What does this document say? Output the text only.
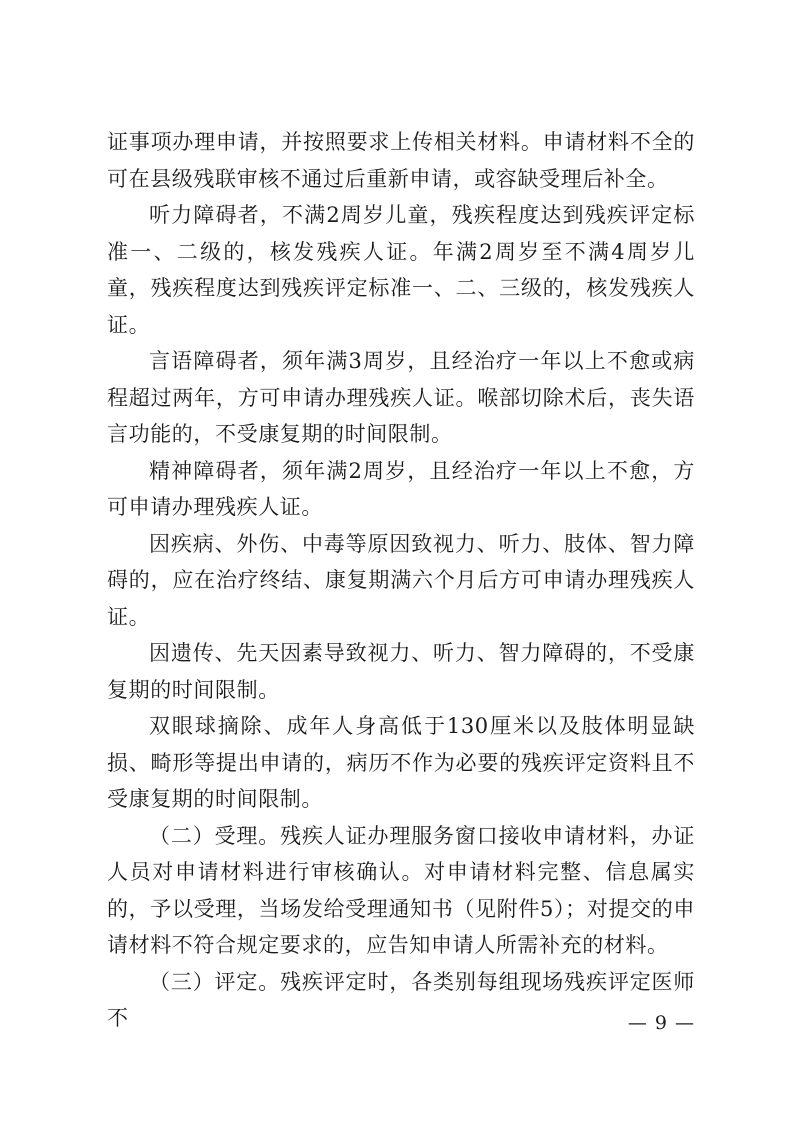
证事项办理申请，并按照要求上传相关材料。申请材料不全的可在县级残联审核不通过后重新申请，或容缺受理后补全。

听力障碍者，不满2周岁儿童，残疾程度达到残疾评定标准一、二级的，核发残疾人证。年满2周岁至不满4周岁儿童，残疾程度达到残疾评定标准一、二、三级的，核发残疾人证。

言语障碍者，须年满3周岁，且经治疗一年以上不愈或病程超过两年，方可申请办理残疾人证。喉部切除术后，丧失语言功能的，不受康复期的时间限制。

精神障碍者，须年满2周岁，且经治疗一年以上不愈，方可申请办理残疾人证。

因疾病、外伤、中毒等原因致视力、听力、肢体、智力障碍的，应在治疗终结、康复期满六个月后方可申请办理残疾人证。

因遗传、先天因素导致视力、听力、智力障碍的，不受康复期的时间限制。

双眼球摘除、成年人身高低于130厘米以及肢体明显缺损、畸形等提出申请的，病历不作为必要的残疾评定资料且不受康复期的时间限制。

（二）受理。残疾人证办理服务窗口接收申请材料，办证人员对申请材料进行审核确认。对申请材料完整、信息属实的，予以受理，当场发给受理通知书（见附件5）；对提交的申请材料不符合规定要求的，应告知申请人所需补充的材料。

（三）评定。残疾评定时，各类别每组现场残疾评定医师不	— 9 —
